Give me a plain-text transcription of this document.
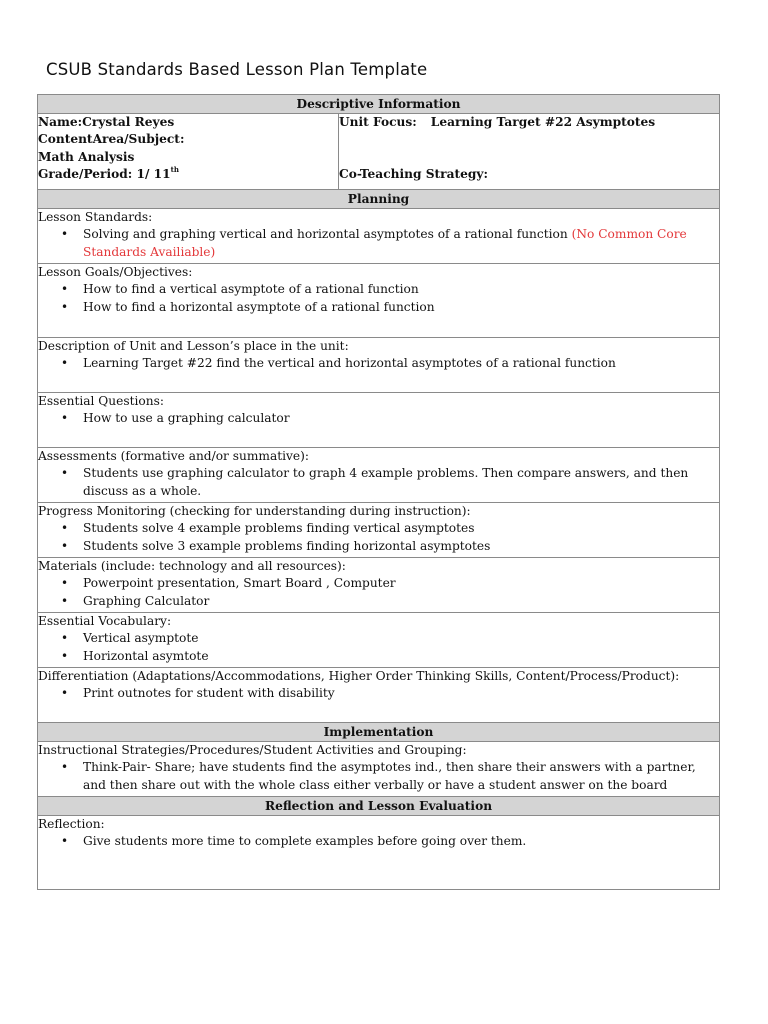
CSUB Standards Based Lesson Plan Template
Descriptive Information

Name:Crystal Reyes
ContentArea/Subject:
Math Analysis
Grade/Period: 1/ 11th

Unit Focus: Learning Target #22 Asymptotes
Co-Teaching Strategy:

Planning

Lesson Standards:
• Solving and graphing vertical and horizontal asymptotes of a rational function (No Common Core Standards Availiable)

Lesson Goals/Objectives:
• How to find a vertical asymptote of a rational function
• How to find a horizontal asymptote of a rational function

Description of Unit and Lesson’s place in the unit:
• Learning Target #22 find the vertical and horizontal asymptotes of a rational function

Essential Questions:
• How to use a graphing calculator

Assessments (formative and/or summative):
• Students use graphing calculator to graph 4 example problems. Then compare answers, and then discuss as a whole.

Progress Monitoring (checking for understanding during instruction):
• Students solve 4 example problems finding vertical asymptotes
• Students solve 3 example problems finding horizontal asymptotes

Materials (include: technology and all resources):
• Powerpoint presentation, Smart Board , Computer
• Graphing Calculator

Essential Vocabulary:
• Vertical asymptote
• Horizontal asymtote

Differentiation (Adaptations/Accommodations, Higher Order Thinking Skills, Content/Process/Product):
• Print outnotes for student with disability

Implementation

Instructional Strategies/Procedures/Student Activities and Grouping:
• Think-Pair- Share; have students find the asymptotes ind., then share their answers with a partner, and then share out with the whole class either verbally or have a student answer on the board

Reflection and Lesson Evaluation

Reflection:
• Give students more time to complete examples before going over them.
